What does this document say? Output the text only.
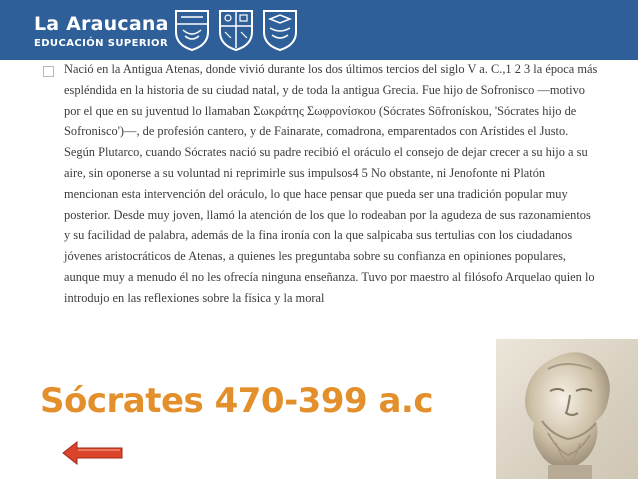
La Araucana
EDUCACIÓN SUPERIOR
Nació en la Antigua Atenas, donde vivió durante los dos últimos tercios del siglo V a. C.,1 2 3 la época más espléndida en la historia de su ciudad natal, y de toda la antigua Grecia. Fue hijo de Sofronisco —motivo por el que en su juventud lo llamaban Σωκράτης Σωφρονίσκου (Sócrates Sōfronískou, 'Sócrates hijo de Sofronisco')—, de profesión cantero, y de Fainarate, comadrona, emparentados con Arístides el Justo. Según Plutarco, cuando Sócrates nació su padre recibió el oráculo el consejo de dejar crecer a su hijo a su aire, sin oponerse a su voluntad ni reprimirle sus impulsos4 5 No obstante, ni Jenofonte ni Platón mencionan esta intervención del oráculo, lo que hace pensar que pueda ser una tradición popular muy posterior. Desde muy joven, llamó la atención de los que lo rodeaban por la agudeza de sus razonamientos y su facilidad de palabra, además de la fina ironía con la que salpicaba sus tertulias con los ciudadanos jóvenes aristocráticos de Atenas, a quienes les preguntaba sobre su confianza en opiniones populares, aunque muy a menudo él no les ofrecía ninguna enseñanza. Tuvo por maestro al filósofo Arquelao quien lo introdujo en las reflexiones sobre la física y la moral
Sócrates 470-399 a.c
